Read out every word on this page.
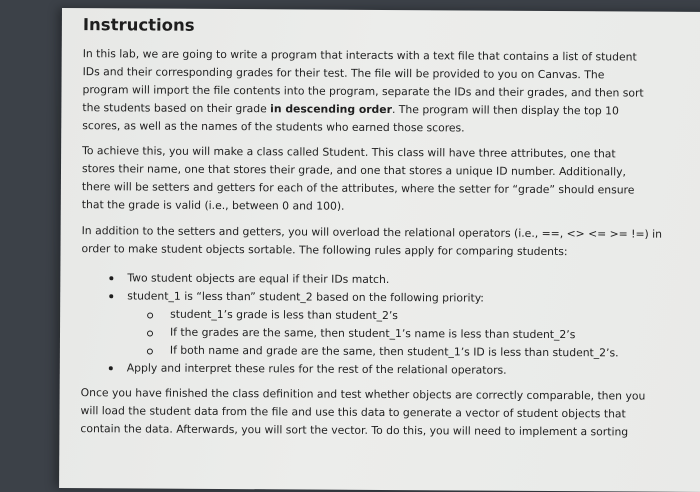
Instructions
In this lab, we are going to write a program that interacts with a text file that contains a list of student
IDs and their corresponding grades for their test. The file will be provided to you on Canvas. The
program will import the file contents into the program, separate the IDs and their grades, and then sort
the students based on their grade in descending order. The program will then display the top 10
scores, as well as the names of the students who earned those scores.
To achieve this, you will make a class called Student. This class will have three attributes, one that
stores their name, one that stores their grade, and one that stores a unique ID number. Additionally,
there will be setters and getters for each of the attributes, where the setter for “grade” should ensure
that the grade is valid (i.e., between 0 and 100).
In addition to the setters and getters, you will overload the relational operators (i.e., ==, <> <= >= !=) in
order to make student objects sortable. The following rules apply for comparing students:
Two student objects are equal if their IDs match.
student_1 is “less than” student_2 based on the following priority:
student_1’s grade is less than student_2’s
If the grades are the same, then student_1’s name is less than student_2’s
If both name and grade are the same, then student_1’s ID is less than student_2’s.
Apply and interpret these rules for the rest of the relational operators.
Once you have finished the class definition and test whether objects are correctly comparable, then you
will load the student data from the file and use this data to generate a vector of student objects that
contain the data. Afterwards, you will sort the vector. To do this, you will need to implement a sorting
